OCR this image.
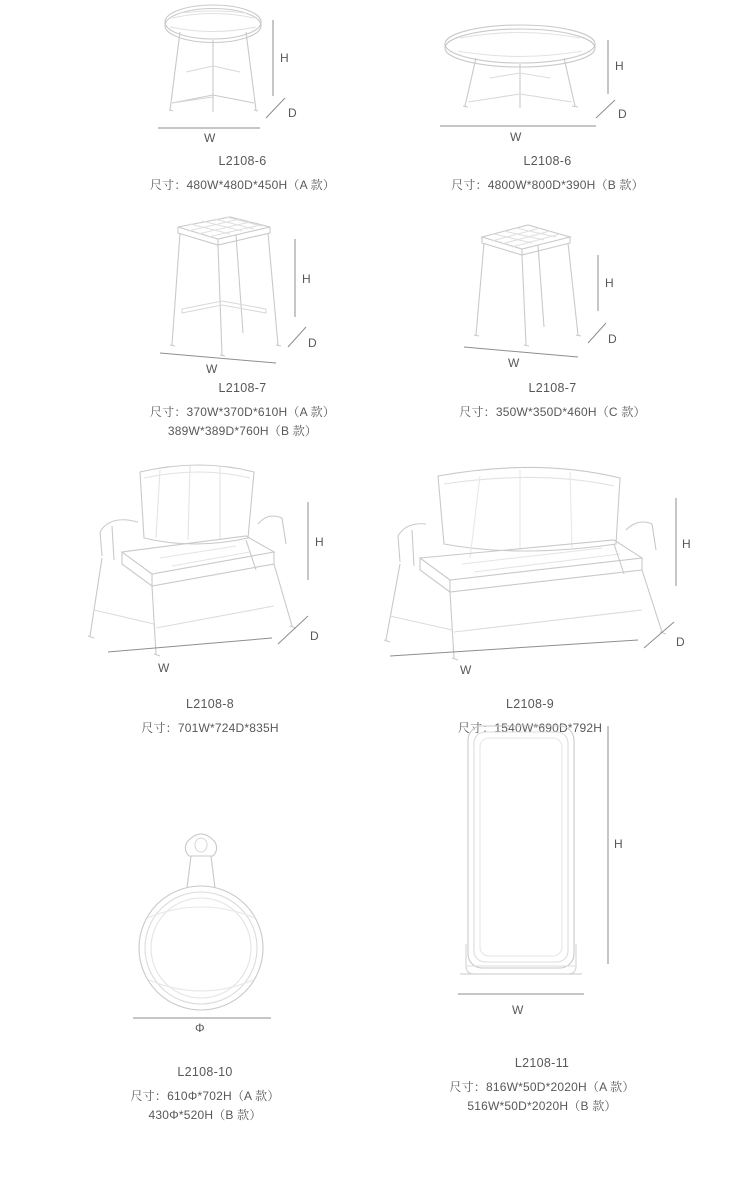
H
D
W
L2108-6
尺寸：480W*480D*450H（A 款）
H
D
W
L2108-6
尺寸：4800W*800D*390H（B 款）
H
D
W
L2108-7
尺寸：370W*370D*610H（A 款）
389W*389D*760H（B 款）
H
D
W
L2108-7
尺寸：350W*350D*460H（C 款）
H
D
W
L2108-8
尺寸：701W*724D*835H
H
D
W
L2108-9
尺寸：1540W*690D*792H
Φ
L2108-10
尺寸：610Φ*702H（A 款）
430Φ*520H（B 款）
H
W
L2108-11
尺寸：816W*50D*2020H（A 款）
516W*50D*2020H（B 款）
